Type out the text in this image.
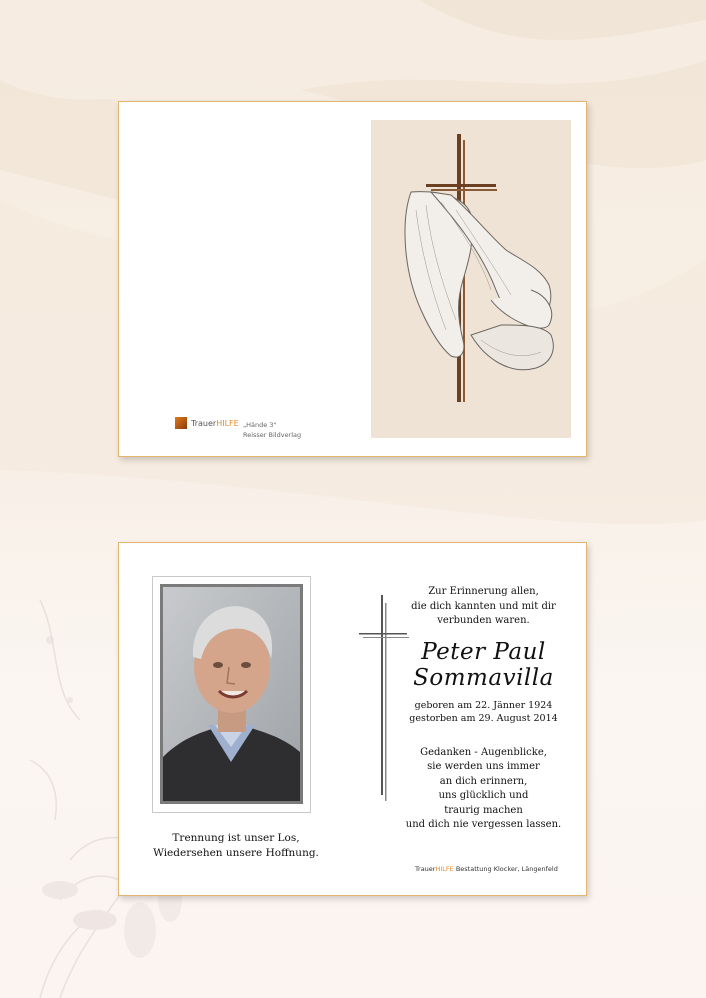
TrauerHILFE „Hände 3"
Reisser Bildverlag
Trennung ist unser Los,
Wiedersehen unsere Hoffnung.
Zur Erinnerung allen,
die dich kannten und mit dir
verbunden waren.
Peter Paul
Sommavilla
geboren am 22. Jänner 1924
gestorben am 29. August 2014
Gedanken - Augenblicke,
sie werden uns immer
an dich erinnern,
uns glücklich und
traurig machen
und dich nie vergessen lassen.
TrauerHILFE Bestattung Klocker, Längenfeld
